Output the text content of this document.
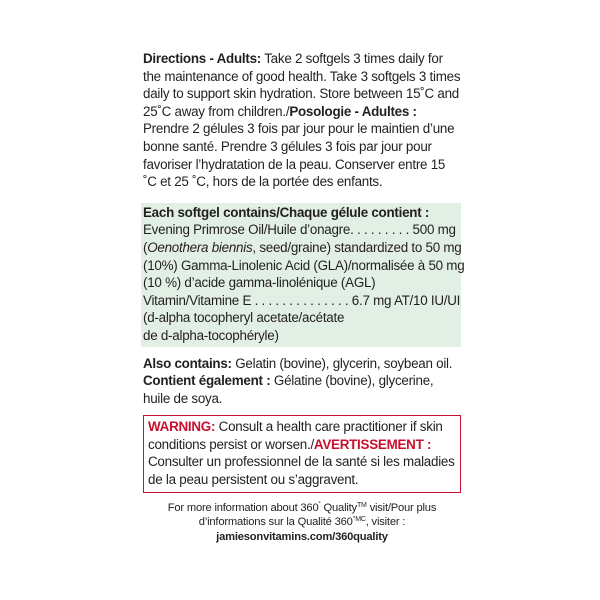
Directions - Adults: Take 2 softgels 3 times daily for the maintenance of good health. Take 3 softgels 3 times daily to support skin hydration. Store between 15˚C and 25˚C away from children./Posologie - Adultes : Prendre 2 gélules 3 fois par jour pour le maintien d’une bonne santé. Prendre 3 gélules 3 fois par jour pour favoriser l’hydratation de la peau. Conserver entre 15 ˚C et 25 ˚C, hors de la portée des enfants.

Each softgel contains/Chaque gélule contient :
Evening Primrose Oil/Huile d’onagre. . . . . . . . . 500 mg
(Oenothera biennis, seed/graine) standardized to 50 mg
(10%) Gamma-Linolenic Acid (GLA)/normalisée à 50 mg
(10 %) d’acide gamma-linolénique (AGL)
Vitamin/Vitamine E . . . . . . . . . . . . . . 6.7 mg AT/10 IU/UI
(d-alpha tocopheryl acetate/acétate
de d-alpha-tocophéryle)

Also contains: Gelatin (bovine), glycerin, soybean oil.
Contient également : Gélatine (bovine), glycerine, huile de soya.

WARNING: Consult a health care practitioner if skin conditions persist or worsen./AVERTISSEMENT : Consulter un professionnel de la santé si les maladies de la peau persistent ou s’aggravent.
For more information about 360˚ Quality™ visit/Pour plus
d’informations sur la Qualité $360^{^\circ MC}$, visiter :
jamiesonvitamins.com/360quality
